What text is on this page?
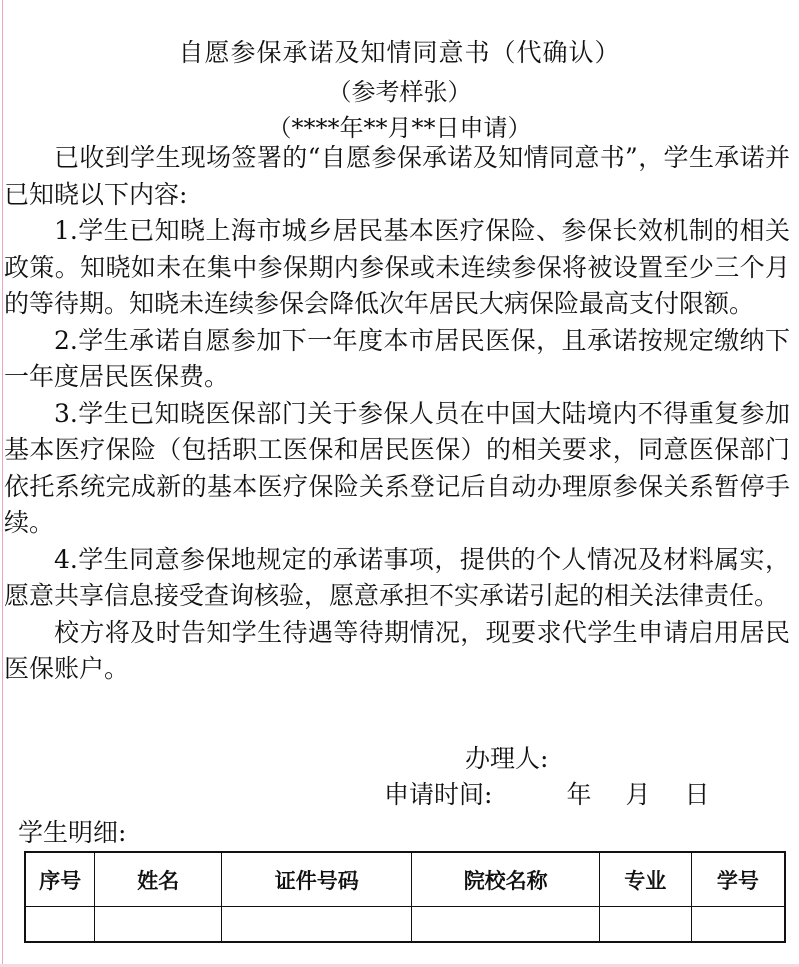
自愿参保承诺及知情同意书（代确认）
（参考样张）
（****年**月**日申请）

已收到学生现场签署的“自愿参保承诺及知情同意书”，学生承诺并已知晓以下内容:

1.学生已知晓上海市城乡居民基本医疗保险、参保长效机制的相关政策。知晓如未在集中参保期内参保或未连续参保将被设置至少三个月的等待期。知晓未连续参保会降低次年居民大病保险最高支付限额。

2.学生承诺自愿参加下一年度本市居民医保，且承诺按规定缴纳下一年度居民医保费。

3.学生已知晓医保部门关于参保人员在中国大陆境内不得重复参加基本医疗保险（包括职工医保和居民医保）的相关要求，同意医保部门依托系统完成新的基本医疗保险关系登记后自动办理原参保关系暂停手续。

4.学生同意参保地规定的承诺事项，提供的个人情况及材料属实，愿意共享信息接受查询核验，愿意承担不实承诺引起的相关法律责任。

校方将及时告知学生待遇等待期情况，现要求代学生申请启用居民医保账户。

办理人:
申请时间:	年 月 日
学生明细:
序号	姓名	证件号码	院校名称	专业	学号
